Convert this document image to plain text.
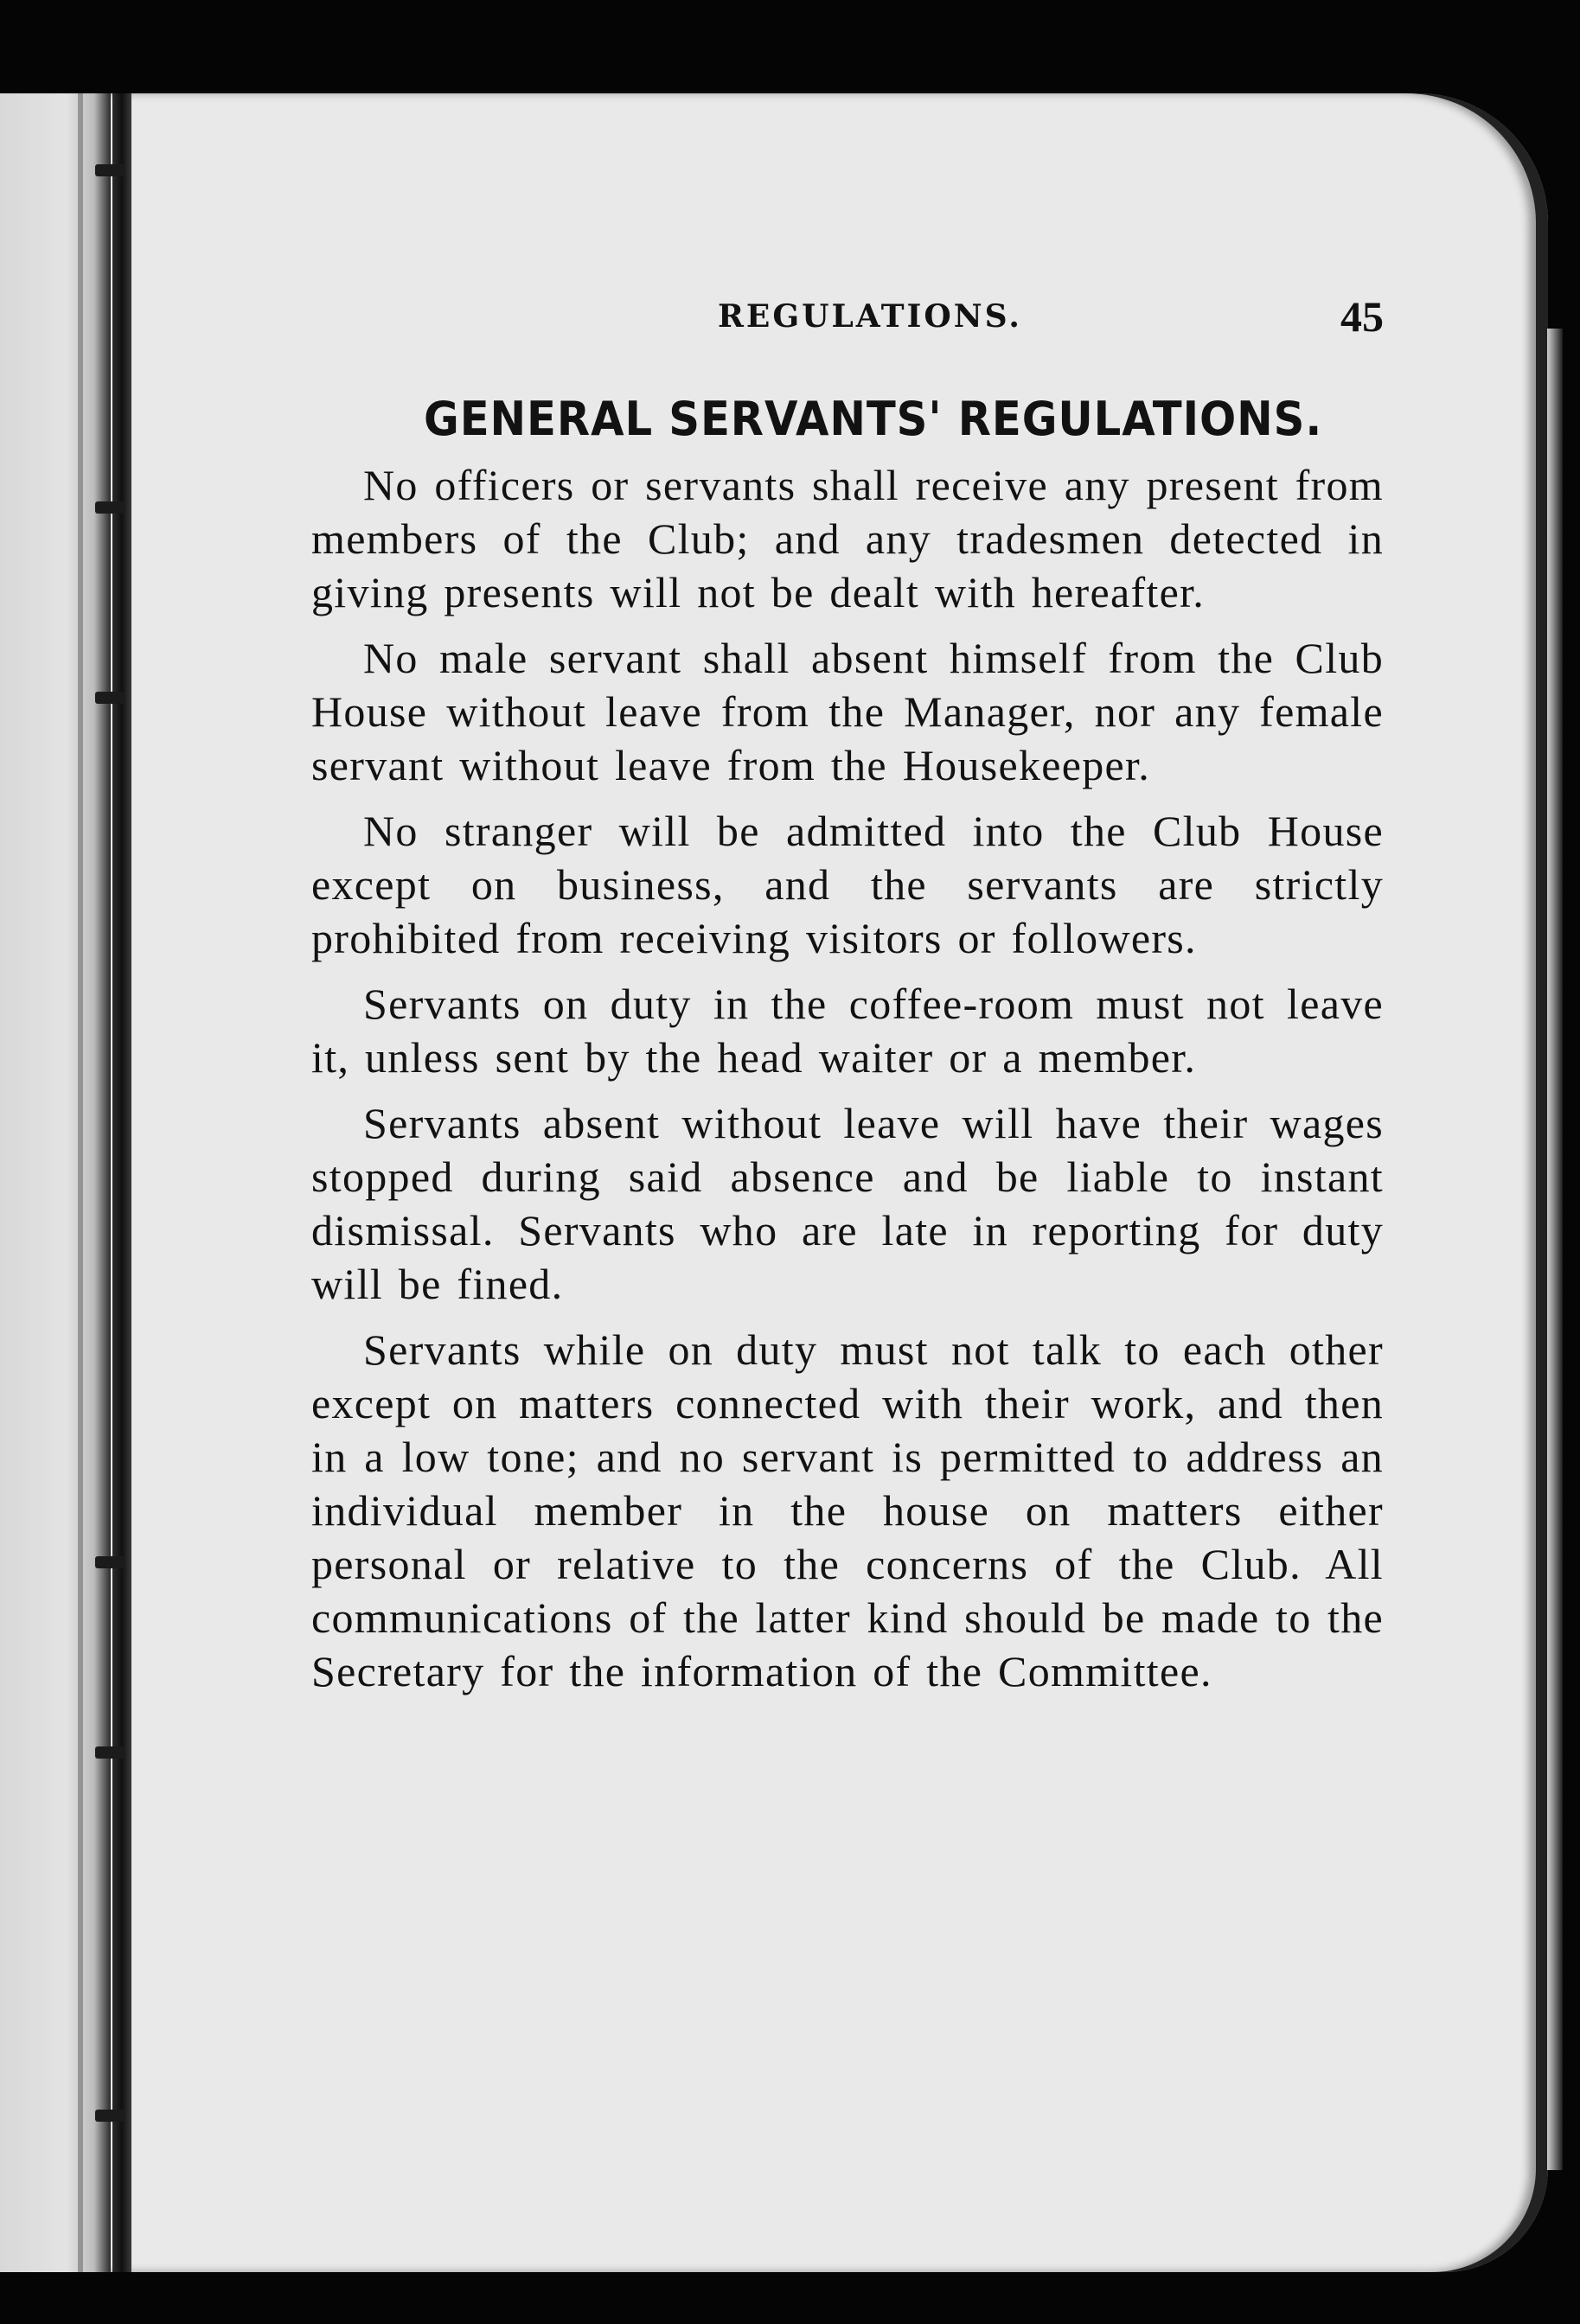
REGULATIONS.	45
GENERAL SERVANTS' REGULATIONS.

No officers or servants shall receive any present from members of the Club; and any tradesmen detected in giving presents will not be dealt with hereafter.

No male servant shall absent himself from the Club House without leave from the Manager, nor any female servant without leave from the Housekeeper.

No stranger will be admitted into the Club House except on business, and the servants are strictly prohibited from receiving visitors or followers.

Servants on duty in the coffee-room must not leave it, unless sent by the head waiter or a member.

Servants absent without leave will have their wages stopped during said absence and be liable to instant dismissal. Servants who are late in reporting for duty will be fined.

Servants while on duty must not talk to each other except on matters connected with their work, and then in a low tone; and no servant is permitted to address an individual member in the house on matters either personal or relative to the concerns of the Club. All communications of the latter kind should be made to the Secretary for the information of the Committee.
